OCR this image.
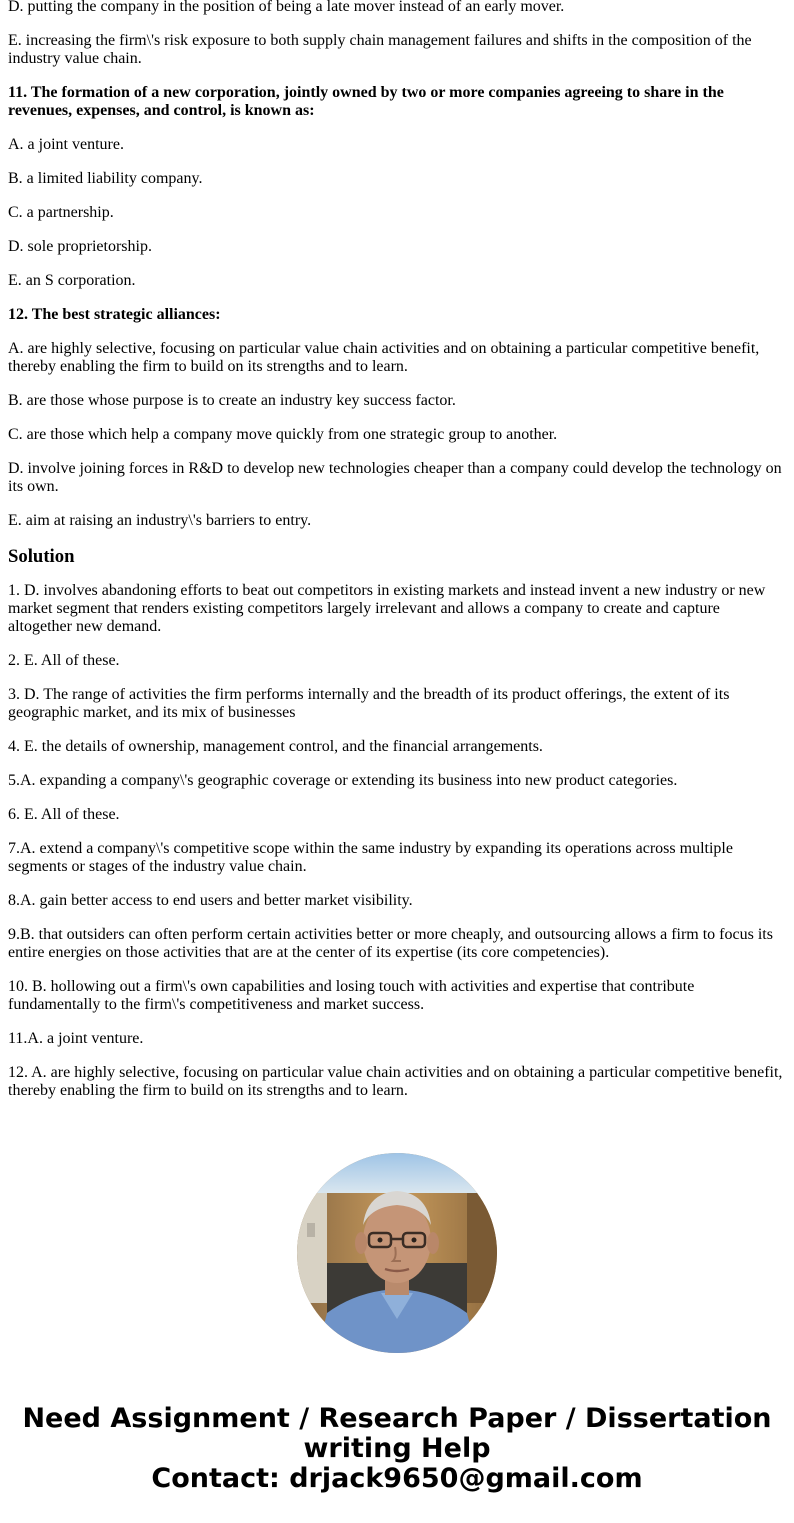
D. putting the company in the position of being a late mover instead of an early mover.

E. increasing the firm\'s risk exposure to both supply chain management failures and shifts in the composition of the industry value chain.

11. The formation of a new corporation, jointly owned by two or more companies agreeing to share in the revenues, expenses, and control, is known as:

A. a joint venture.

B. a limited liability company.

C. a partnership.

D. sole proprietorship.

E. an S corporation.

12. The best strategic alliances:

A. are highly selective, focusing on particular value chain activities and on obtaining a particular competitive benefit, thereby enabling the firm to build on its strengths and to learn.

B. are those whose purpose is to create an industry key success factor.

C. are those which help a company move quickly from one strategic group to another.

D. involve joining forces in R&D to develop new technologies cheaper than a company could develop the technology on its own.

E. aim at raising an industry\'s barriers to entry.

Solution

1. D. involves abandoning efforts to beat out competitors in existing markets and instead invent a new industry or new market segment that renders existing competitors largely irrelevant and allows a company to create and capture altogether new demand.

2. E. All of these.

3. D. The range of activities the firm performs internally and the breadth of its product offerings, the extent of its geographic market, and its mix of businesses

4. E. the details of ownership, management control, and the financial arrangements.

5.A. expanding a company\'s geographic coverage or extending its business into new product categories.

6. E. All of these.

7.A. extend a company\'s competitive scope within the same industry by expanding its operations across multiple segments or stages of the industry value chain.

8.A. gain better access to end users and better market visibility.

9.B. that outsiders can often perform certain activities better or more cheaply, and outsourcing allows a firm to focus its entire energies on those activities that are at the center of its expertise (its core competencies).

10. B. hollowing out a firm\'s own capabilities and losing touch with activities and expertise that contribute fundamentally to the firm\'s competitiveness and market success.

11.A. a joint venture.

12. A. are highly selective, focusing on particular value chain activities and on obtaining a particular competitive benefit, thereby enabling the firm to build on its strengths and to learn.

Need Assignment / Research Paper / Dissertation
writing Help
Contact: drjack9650@gmail.com
